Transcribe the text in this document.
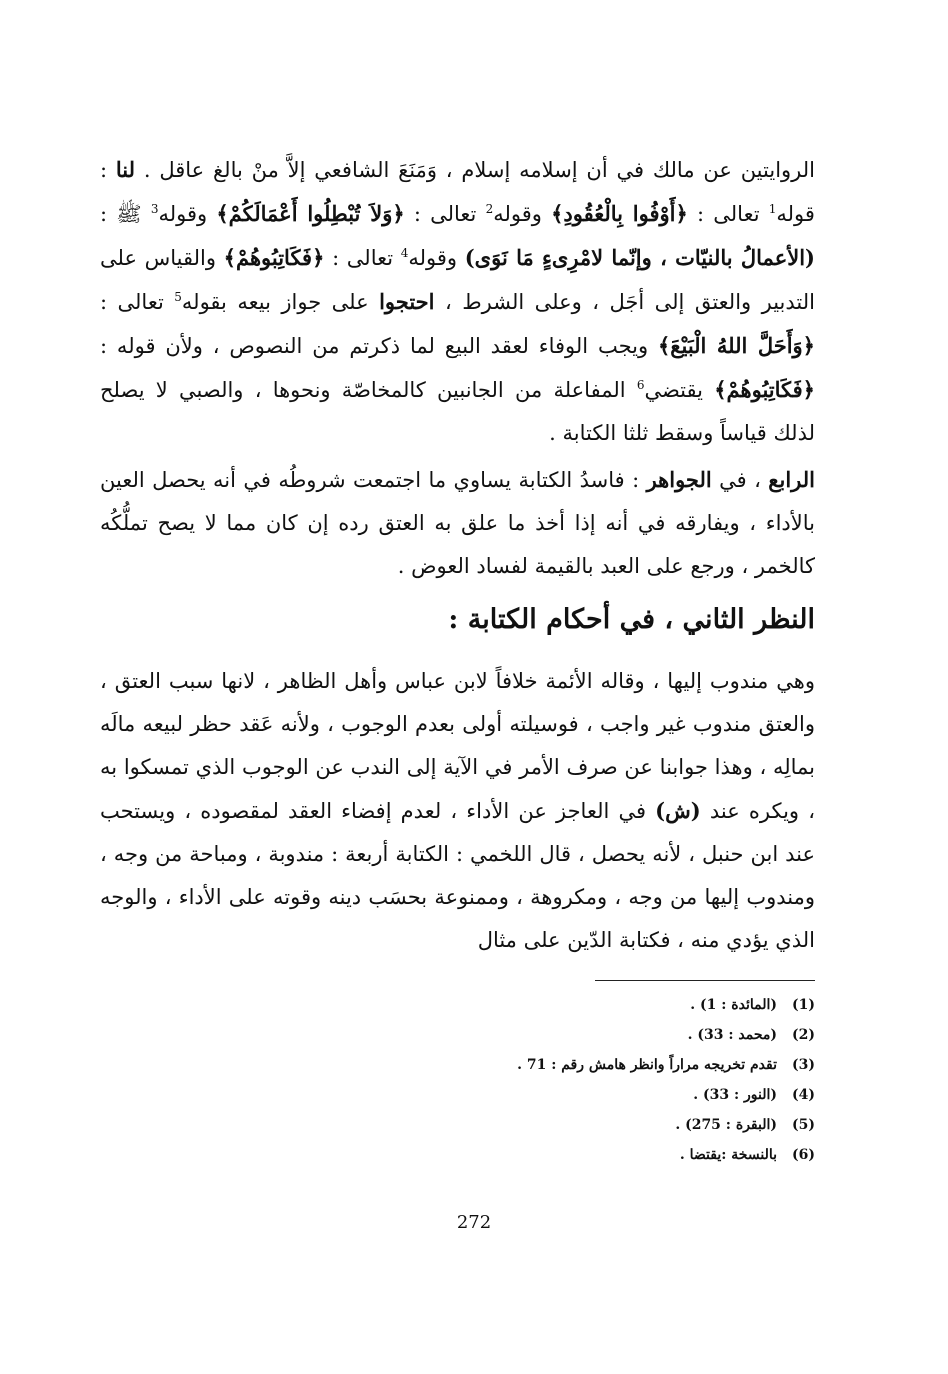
الروايتين عن مالك في أن إسلامه إسلام ، وَمَنَعَ الشافعي إلاَّ منْ بالغ عاقل . لنا : قوله$^1$ تعالى : ﴿أَوْفُوا بِالْعُقُودِ﴾ وقوله$^2$ تعالى : ﴿وَلاَ تُبْطِلُوا أَعْمَالَكُمْ﴾ وقوله$^3$ ﷺ : (الأعمالُ بالنيّات ، وإنّما لامْرِىءٍ مَا نَوَى) وقوله$^4$ تعالى : ﴿فَكَاتِبُوهُمْ﴾ والقياس على التدبير والعتق إلى أجَل ، وعلى الشرط ، احتجوا على جواز بيعه بقوله$^5$ تعالى : ﴿وَأَحَلَّ اللهُ الْبَيْعَ﴾ ويجب الوفاء لعقد البيع لما ذكرتم من النصوص ، ولأن قوله : ﴿فَكَاتِبُوهُمْ﴾ يقتضي$^6$ المفاعلة من الجانبين كالمخاصّة ونحوها ، والصبي لا يصلح لذلك قياساً وسقط ثلثا الكتابة .
الرابع ، في الجواهر : فاسدُ الكتابة يساوي ما اجتمعت شروطُه في أنه يحصل العين بالأداء ، ويفارقه في أنه إذا أخذ ما علق به العتق رده إن كان مما لا يصح تملُّكُه كالخمر ، ورجع على العبد بالقيمة لفساد العوض .
النظر الثاني ، في أحكام الكتابة :
وهي مندوب إليها ، وقاله الأئمة خلافاً لابن عباس وأهل الظاهر ، لانها سبب العتق ، والعتق مندوب غير واجب ، فوسيلته أولى بعدم الوجوب ، ولأنه عَقد حظر لبيعه مالَه بمالِه ، وهذا جوابنا عن صرف الأمر في الآية إلى الندب عن الوجوب الذي تمسكوا به ، ويكره عند (ش) في العاجز عن الأداء ، لعدم إفضاء العقد لمقصوده ، ويستحب عند ابن حنبل ، لأنه يحصل ، قال اللخمي : الكتابة أربعة : مندوبة ، ومباحة من وجه ، ومندوب إليها من وجه ، ومكروهة ، وممنوعة بحسَب دينه وقوته على الأداء ، والوجه الذي يؤدي منه ، فكتابة الدّين على مثال
(1)
(المائدة : 1) .
(2)
(محمد : 33) .
(3)
تقدم تخريجه مراراً وانظر هامش رقم : 71 .
(4)
(النور : 33) .
(5)
(البقرة : 275) .
(6)
بالنسخة :يقتضا .
272
